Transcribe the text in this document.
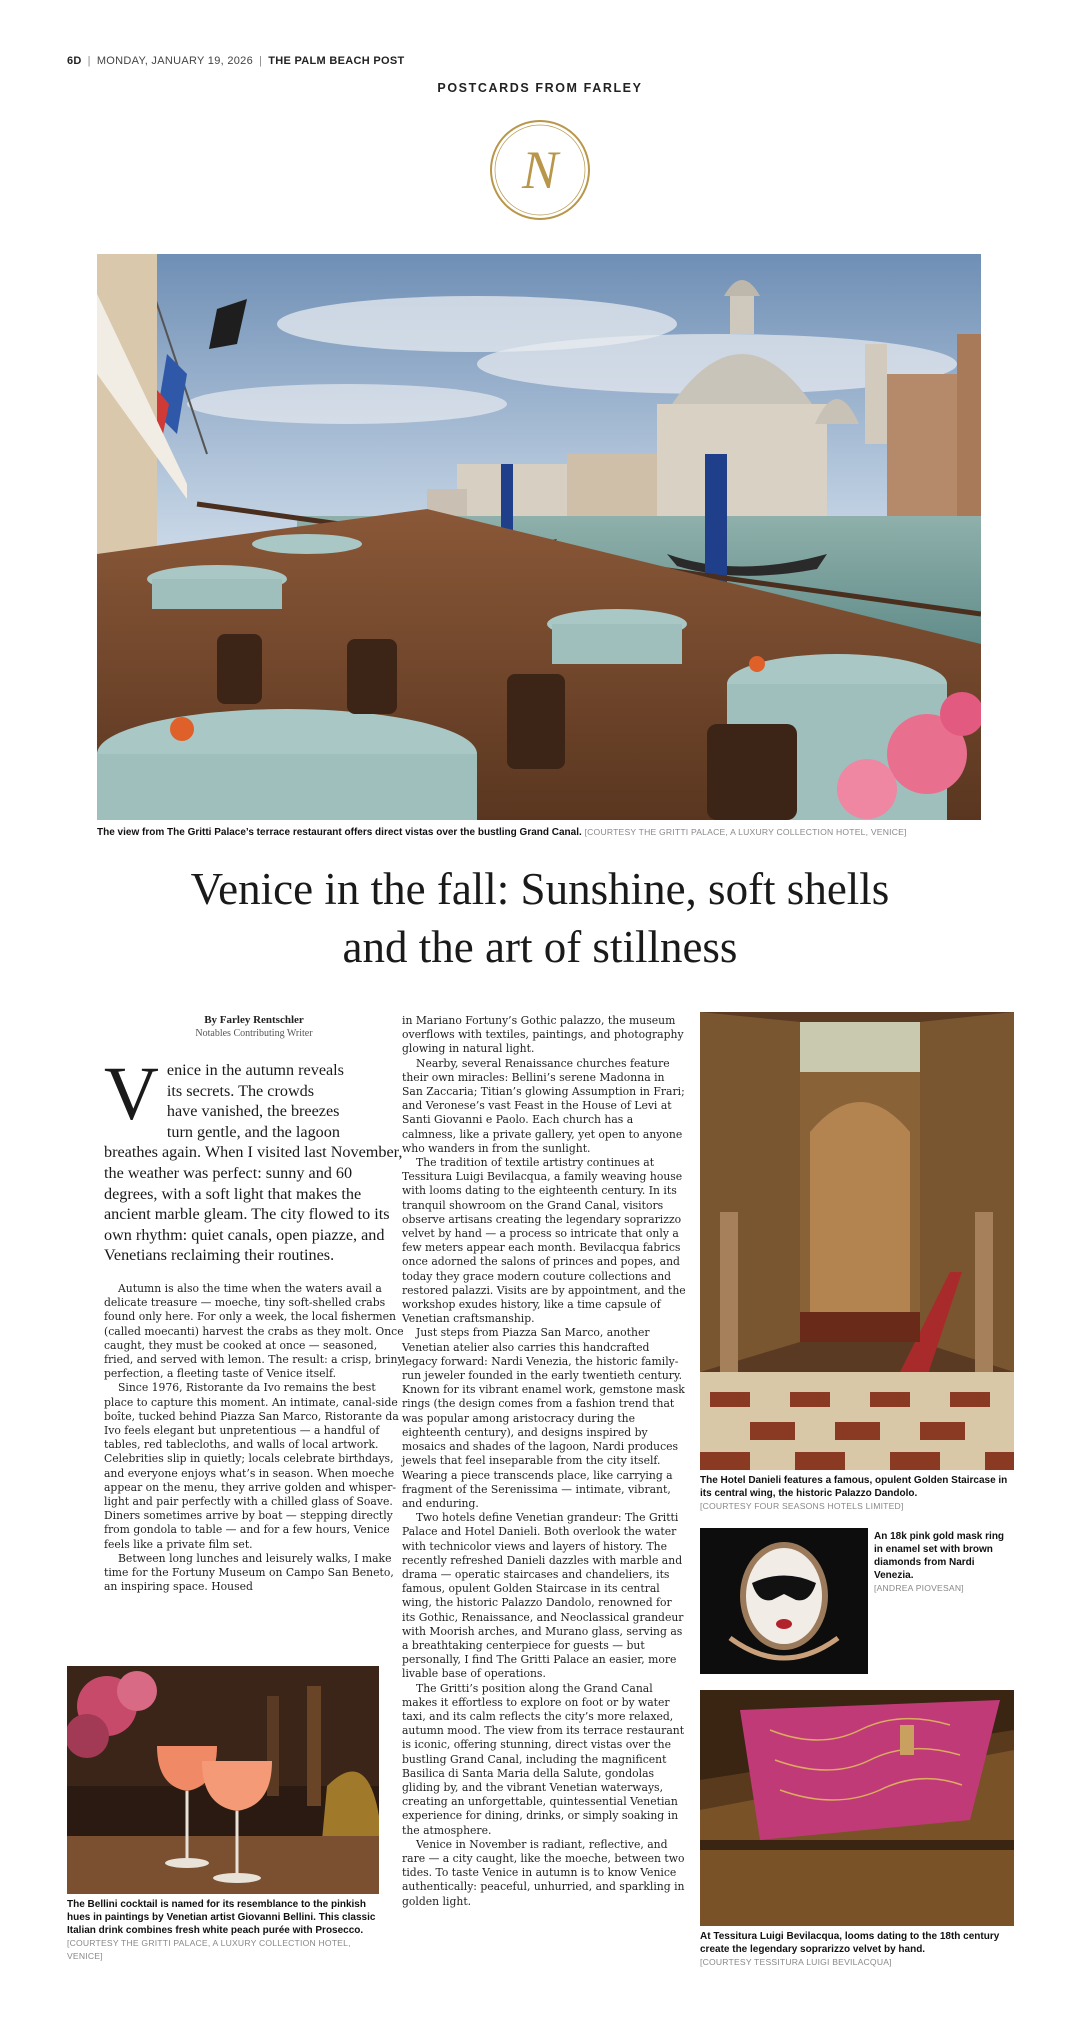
6D | MONDAY, JANUARY 19, 2026 | THE PALM BEACH POST
POSTCARDS FROM FARLEY
N
The view from The Gritti Palace’s terrace restaurant offers direct vistas over the bustling Grand Canal. [COURTESY THE GRITTI PALACE, A LUXURY COLLECTION HOTEL, VENICE]
Venice in the fall: Sunshine, soft shells
and the art of stillness
By Farley Rentschler
Notables Contributing Writer
V enice in the autumn reveals
its secrets. The crowds
have vanished, the breezes
turn gentle, and the lagoon
breathes again. When I visited last November, the weather was perfect: sunny and 60 degrees, with a soft light that makes the ancient marble gleam. The city flowed to its own rhythm: quiet canals, open piazze, and Venetians reclaiming their routines.

Autumn is also the time when the waters avail a delicate treasure — moeche, tiny soft-shelled crabs found only here. For only a week, the local fishermen (called moecanti) harvest the crabs as they molt. Once caught, they must be cooked at once — seasoned, fried, and served with lemon. The result: a crisp, briny perfection, a fleeting taste of Venice itself.

Since 1976, Ristorante da Ivo remains the best place to capture this moment. An intimate, canal-side boîte, tucked behind Piazza San Marco, Ristorante da Ivo feels elegant but unpretentious — a handful of tables, red tablecloths, and walls of local artwork. Celebrities slip in quietly; locals celebrate birthdays, and everyone enjoys what’s in season. When moeche appear on the menu, they arrive golden and whisper-light and pair perfectly with a chilled glass of Soave. Diners sometimes arrive by boat — stepping directly from gondola to table — and for a few hours, Venice feels like a private film set.

Between long lunches and leisurely walks, I make time for the Fortuny Museum on Campo San Beneto, an inspiring space. Housed

in Mariano Fortuny’s Gothic palazzo, the museum overflows with textiles, paintings, and photography glowing in natural light.

Nearby, several Renaissance churches feature their own miracles: Bellini’s serene Madonna in San Zaccaria; Titian’s glowing Assumption in Frari; and Veronese’s vast Feast in the House of Levi at Santi Giovanni e Paolo. Each church has a calmness, like a private gallery, yet open to anyone who wanders in from the sunlight.

The tradition of textile artistry continues at Tessitura Luigi Bevilacqua, a family weaving house with looms dating to the eighteenth century. In its tranquil showroom on the Grand Canal, visitors observe artisans creating the legendary soprarizzo velvet by hand — a process so intricate that only a few meters appear each month. Bevilacqua fabrics once adorned the salons of princes and popes, and today they grace modern couture collections and restored palazzi. Visits are by appointment, and the workshop exudes history, like a time capsule of Venetian craftsmanship.

Just steps from Piazza San Marco, another Venetian atelier also carries this handcrafted legacy forward: Nardi Venezia, the historic family-run jeweler founded in the early twentieth century. Known for its vibrant enamel work, gemstone mask rings (the design comes from a fashion trend that was popular among aristocracy during the eighteenth century), and designs inspired by mosaics and shades of the lagoon, Nardi produces jewels that feel inseparable from the city itself. Wearing a piece transcends place, like carrying a fragment of the Serenissima — intimate, vibrant, and enduring.

Two hotels define Venetian grandeur: The Gritti Palace and Hotel Danieli. Both overlook the water with technicolor views and layers of history. The recently refreshed Danieli dazzles with marble and drama — operatic staircases and chandeliers, its famous, opulent Golden Staircase in its central wing, the historic Palazzo Dandolo, renowned for its Gothic, Renaissance, and Neoclassical grandeur with Moorish arches, and Murano glass, serving as a breathtaking centerpiece for guests — but personally, I find The Gritti Palace an easier, more livable base of operations.

The Gritti’s position along the Grand Canal makes it effortless to explore on foot or by water taxi, and its calm reflects the city’s more relaxed, autumn mood. The view from its terrace restaurant is iconic, offering stunning, direct vistas over the bustling Grand Canal, including the magnificent Basilica di Santa Maria della Salute, gondolas gliding by, and the vibrant Venetian waterways, creating an unforgettable, quintessential Venetian experience for dining, drinks, or simply soaking in the atmosphere.

Venice in November is radiant, reflective, and rare — a city caught, like the moeche, between two tides. To taste Venice in autumn is to know Venice authentically: peaceful, unhurried, and sparkling in golden light.

The Bellini cocktail is named for its resemblance to the pinkish hues in paintings by Venetian artist Giovanni Bellini. This classic Italian drink combines fresh white peach purée with Prosecco. [COURTESY THE GRITTI PALACE, A LUXURY COLLECTION HOTEL, VENICE]
The Hotel Danieli features a famous, opulent Golden Staircase in its central wing, the historic Palazzo Dandolo.
[COURTESY FOUR SEASONS HOTELS LIMITED]
An 18k pink gold mask ring in enamel set with brown diamonds from Nardi Venezia.
[ANDREA PIOVESAN]
At Tessitura Luigi Bevilacqua, looms dating to the 18th century create the legendary soprarizzo velvet by hand.
[COURTESY TESSITURA LUIGI BEVILACQUA]
